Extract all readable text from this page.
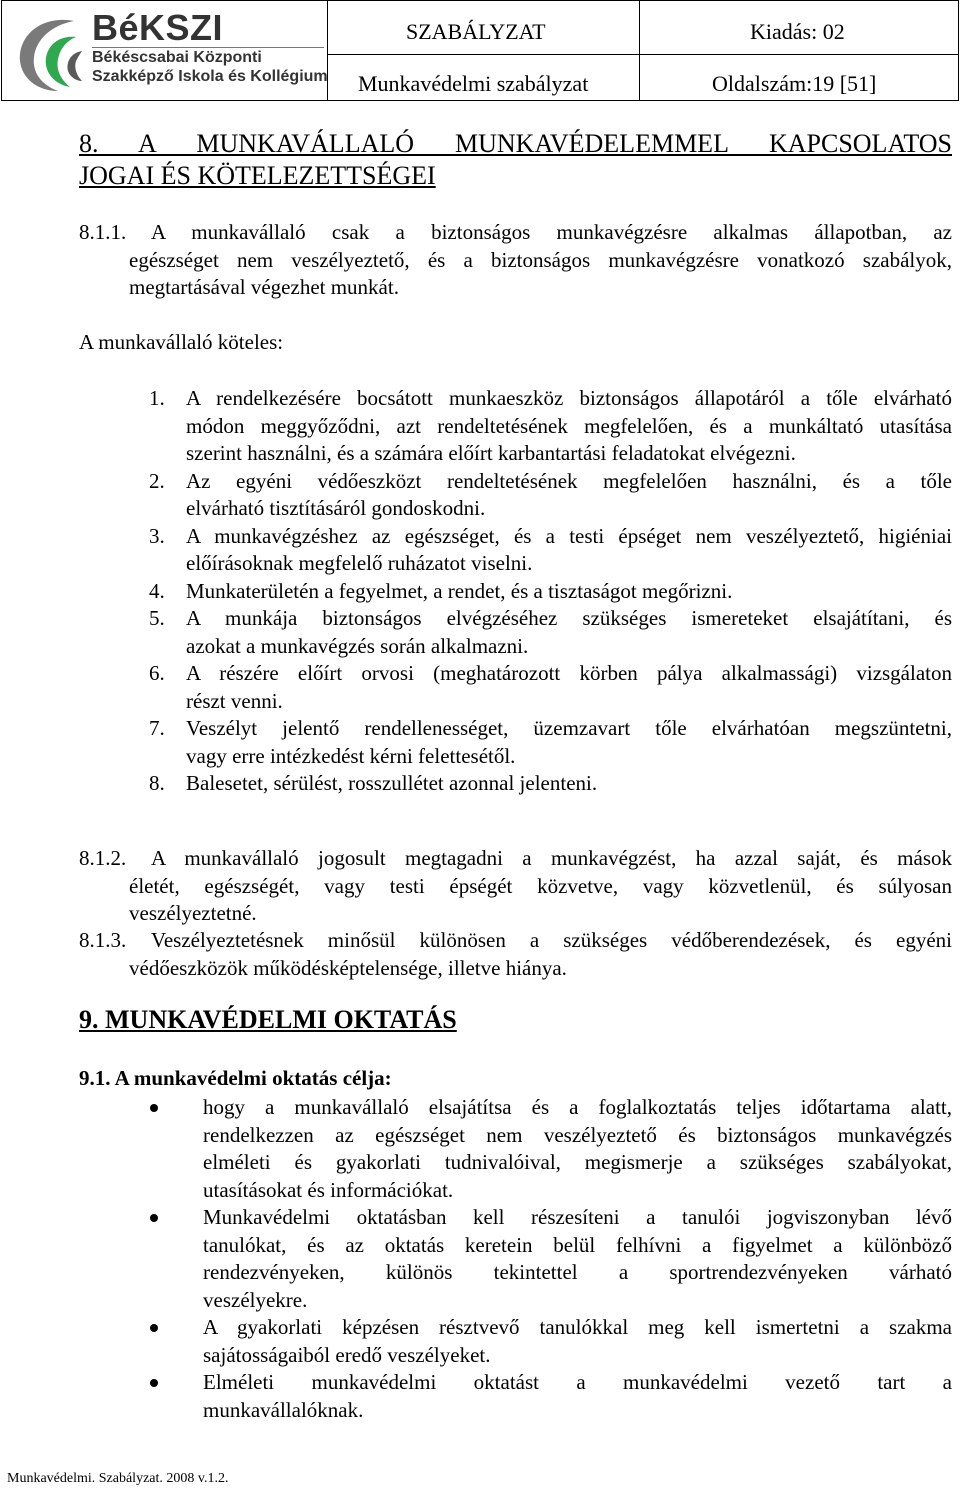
BéKSZI
Békéscsabai Központi
Szakképző Iskola és Kollégium
SZABÁLYZAT	Kiadás: 02
Munkavédelmi szabályzat	Oldalszám:19 [51]
8. A MUNKAVÁLLALÓ MUNKAVÉDELEMMEL KAPCSOLATOS
JOGAI ÉS KÖTELEZETTSÉGEI
8.1.1. A munkavállaló csak a biztonságos munkavégzésre alkalmas állapotban, az
egészséget nem veszélyeztető, és a biztonságos munkavégzésre vonatkozó szabályok,
megtartásával végezhet munkát.
A munkavállaló köteles:
1. A rendelkezésére bocsátott munkaeszköz biztonságos állapotáról a tőle elvárható
módon meggyőződni, azt rendeltetésének megfelelően, és a munkáltató utasítása
szerint használni, és a számára előírt karbantartási feladatokat elvégezni.
2. Az egyéni védőeszközt rendeltetésének megfelelően használni, és a tőle
elvárható tisztításáról gondoskodni.
3. A munkavégzéshez az egészséget, és a testi épséget nem veszélyeztető, higiéniai
előírásoknak megfelelő ruházatot viselni.
4. Munkaterületén a fegyelmet, a rendet, és a tisztaságot megőrizni.
5. A munkája biztonságos elvégzéséhez szükséges ismereteket elsajátítani, és
azokat a munkavégzés során alkalmazni.
6. A részére előírt orvosi (meghatározott körben pálya alkalmassági) vizsgálaton
részt venni.
7. Veszélyt jelentő rendellenességet, üzemzavart tőle elvárhatóan megszüntetni,
vagy erre intézkedést kérni felettesétől.
8. Balesetet, sérülést, rosszullétet azonnal jelenteni.
8.1.2. A munkavállaló jogosult megtagadni a munkavégzést, ha azzal saját, és mások
életét, egészségét, vagy testi épségét közvetve, vagy közvetlenül, és súlyosan
veszélyeztetné.
8.1.3. Veszélyeztetésnek minősül különösen a szükséges védőberendezések, és egyéni
védőeszközök működésképtelensége, illetve hiánya.
9. MUNKAVÉDELMI OKTATÁS
9.1. A munkavédelmi oktatás célja:
hogy a munkavállaló elsajátítsa és a foglalkoztatás teljes időtartama alatt,
rendelkezzen az egészséget nem veszélyeztető és biztonságos munkavégzés
elméleti és gyakorlati tudnivalóival, megismerje a szükséges szabályokat,
utasításokat és információkat.
Munkavédelmi oktatásban kell részesíteni a tanulói jogviszonyban lévő
tanulókat, és az oktatás keretein belül felhívni a figyelmet a különböző
rendezvényeken, különös tekintettel a sportrendezvényeken várható
veszélyekre.
A gyakorlati képzésen résztvevő tanulókkal meg kell ismertetni a szakma
sajátosságaiból eredő veszélyeket.
Elméleti munkavédelmi oktatást a munkavédelmi vezető tart a
munkavállalóknak.
Munkavédelmi. Szabályzat. 2008 v.1.2.
